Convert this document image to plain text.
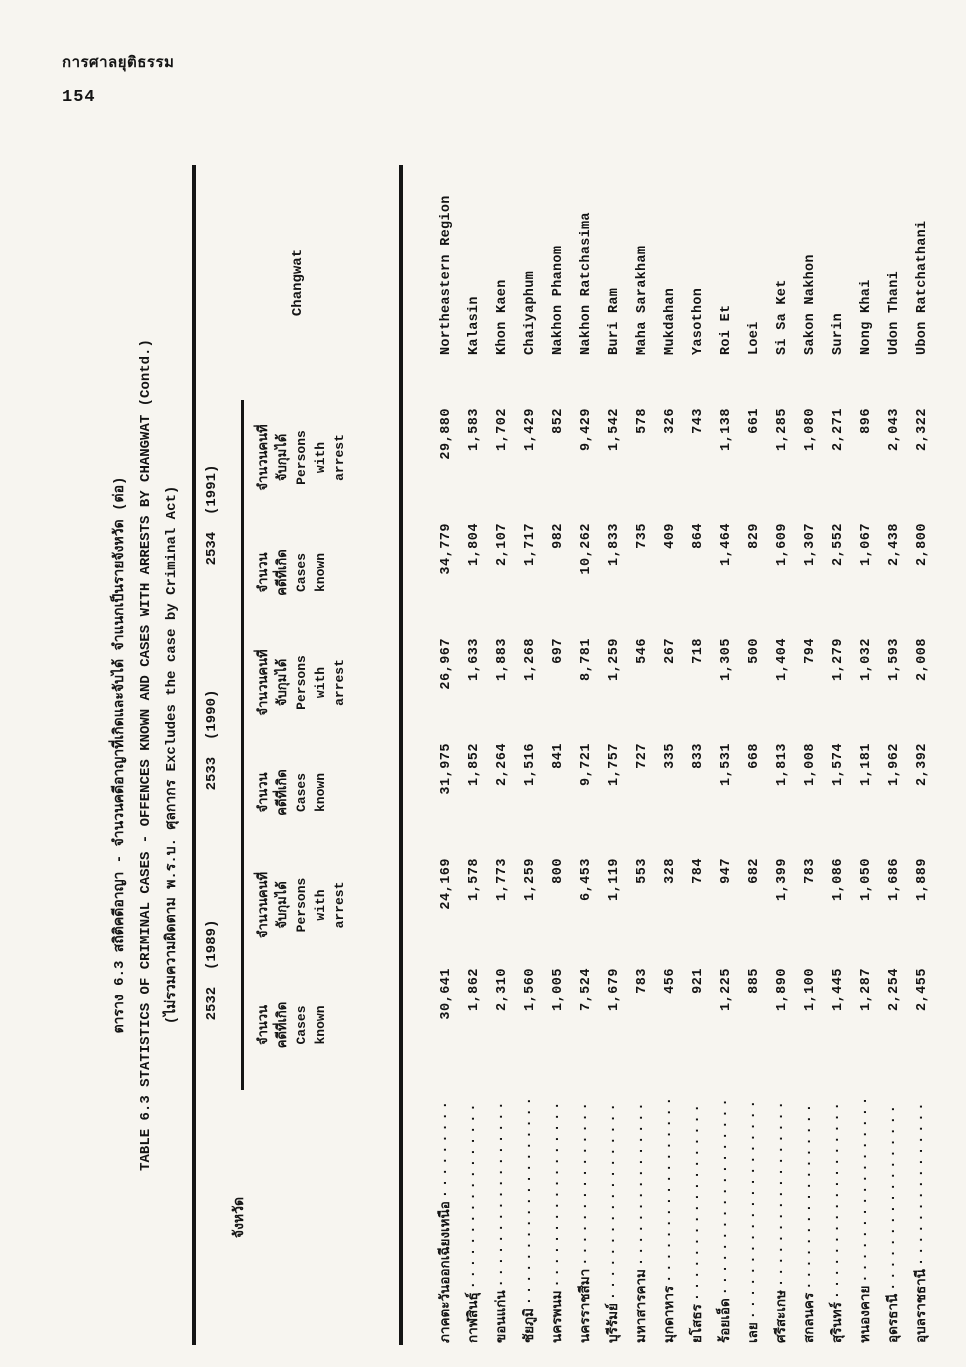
การศาลยุติธรรม
154
ตาราง 6.3 สถิติคดีอาญา - จำนวนคดีอาญาที่เกิดและจับได้ จำแนกเป็นรายจังหวัด (ต่อ) TABLE 6.3 STATISTICS OF CRIMINAL CASES - OFFENCES KNOWN AND CASES WITH ARRESTS BY CHANGWAT (Contd.) (ไม่รวมความผิดตาม พ.ร.บ. ศุลกากร Excludes the case by Criminal Act)
จังหวัด
2532  (1989)
2533  (1990)
2534  (1991)
Changwat
จำนวน คดีที่เกิด Cases known
จำนวนคนที่ จับกุมได้ Persons with arrest
จำนวน คดีที่เกิด Cases known
จำนวนคนที่ จับกุมได้ Persons with arrest
จำนวน คดีที่เกิด Cases known
จำนวนคนที่ จับกุมได้ Persons with arrest
ภาคตะวันออกเฉียงเหนือ
·····
30,641
24,169
31,975
26,967
34,779
29,880
Northeastern Region
กาฬสินธุ์
·····
1,862
1,578
1,852
1,633
1,804
1,583
Kalasin
ขอนแก่น
·····
2,310
1,773
2,264
1,883
2,107
1,702
Khon Kaen
ชัยภูมิ
·····
1,560
1,259
1,516
1,268
1,717
1,429
Chaiyaphum
นครพนม
·····
1,005
800
841
697
982
852
Nakhon Phanom
นครราชสีมา
·····
7,524
6,453
9,721
8,781
10,262
9,429
Nakhon Ratchasima
บุรีรัมย์
·····
1,679
1,119
1,757
1,259
1,833
1,542
Buri Ram
มหาสารคาม
·····
783
553
727
546
735
578
Maha Sarakham
มุกดาหาร
·····
456
328
335
267
409
326
Mukdahan
ยโสธร
·····
921
784
833
718
864
743
Yasothon
ร้อยเอ็ด
·····
1,225
947
1,531
1,305
1,464
1,138
Roi Et
เลย
·····
885
682
668
500
829
661
Loei
ศรีสะเกษ
·····
1,890
1,399
1,813
1,404
1,609
1,285
Si Sa Ket
สกลนคร
·····
1,100
783
1,008
794
1,307
1,080
Sakon Nakhon
สุรินทร์
·····
1,445
1,086
1,574
1,279
2,552
2,271
Surin
หนองคาย
·····
1,287
1,050
1,181
1,032
1,067
896
Nong Khai
อุดรธานี
·····
2,254
1,686
1,962
1,593
2,438
2,043
Udon Thani
อุบลราชธานี
·····
2,455
1,889
2,392
2,008
2,800
2,322
Ubon Ratchathani
